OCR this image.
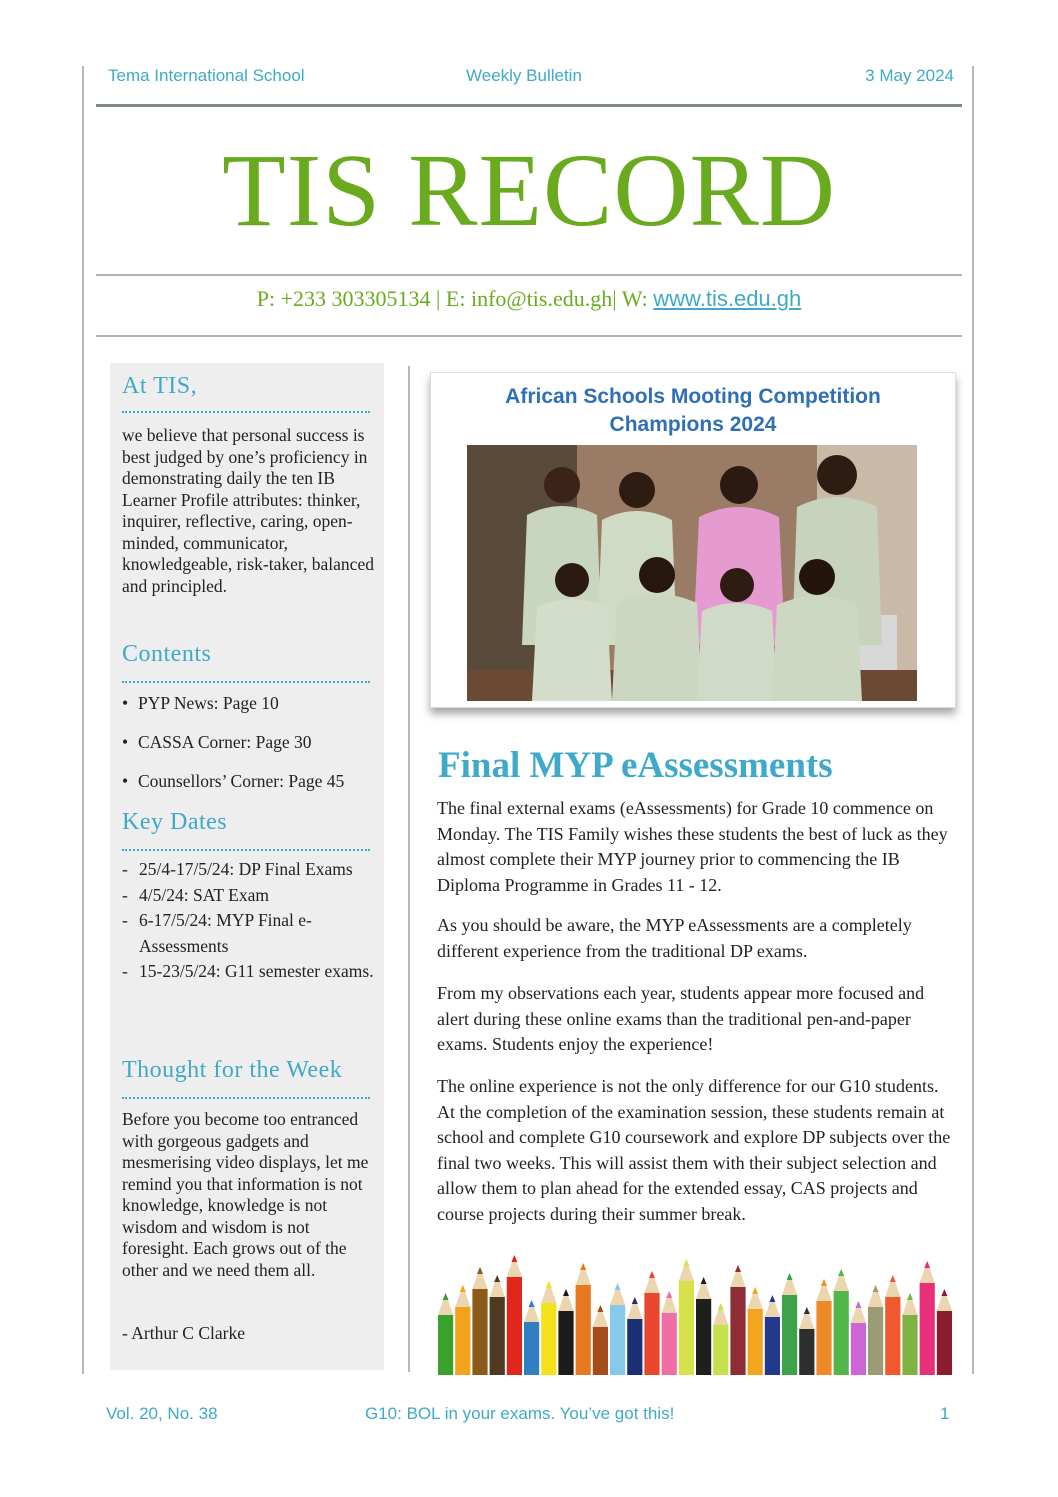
Tema International School	Weekly Bulletin	3 May 2024
TIS RECORD
P: +233 303305134 | E: info@tis.edu.gh| W: www.tis.edu.gh
At TIS,
we believe that personal success is best judged by one’s proficiency in demonstrating daily the ten IB Learner Profile attributes: thinker, inquirer, reflective, caring, open-minded, communicator, knowledgeable, risk-taker, balanced and principled.
Contents
• PYP News: Page 10
• CASSA Corner: Page 30
• Counsellors’ Corner: Page 45
Key Dates
- 25/4-17/5/24: DP Final Exams
- 4/5/24: SAT Exam
- 6-17/5/24: MYP Final e-Assessments
- 15-23/5/24: G11 semester exams.
Thought for the Week
Before you become too entranced with gorgeous gadgets and mesmerising video displays, let me remind you that information is not knowledge, knowledge is not wisdom and wisdom is not foresight. Each grows out of the other and we need them all.
- Arthur C Clarke
African Schools Mooting Competition
Champions 2024
Final MYP eAssessments

The final external exams (eAssessments) for Grade 10 commence on Monday. The TIS Family wishes these students the best of luck as they almost complete their MYP journey prior to commencing the IB Diploma Programme in Grades 11 - 12.

As you should be aware, the MYP eAssessments are a completely different experience from the traditional DP exams.

From my observations each year, students appear more focused and alert during these online exams than the traditional pen-and-paper exams. Students enjoy the experience!

The online experience is not the only difference for our G10 students. At the completion of the examination session, these students remain at school and complete G10 coursework and explore DP subjects over the final two weeks. This will assist them with their subject selection and allow them to plan ahead for the extended essay, CAS projects and course projects during their summer break.

Vol. 20, No. 38	G10: BOL in your exams. You’ve got this!	1
